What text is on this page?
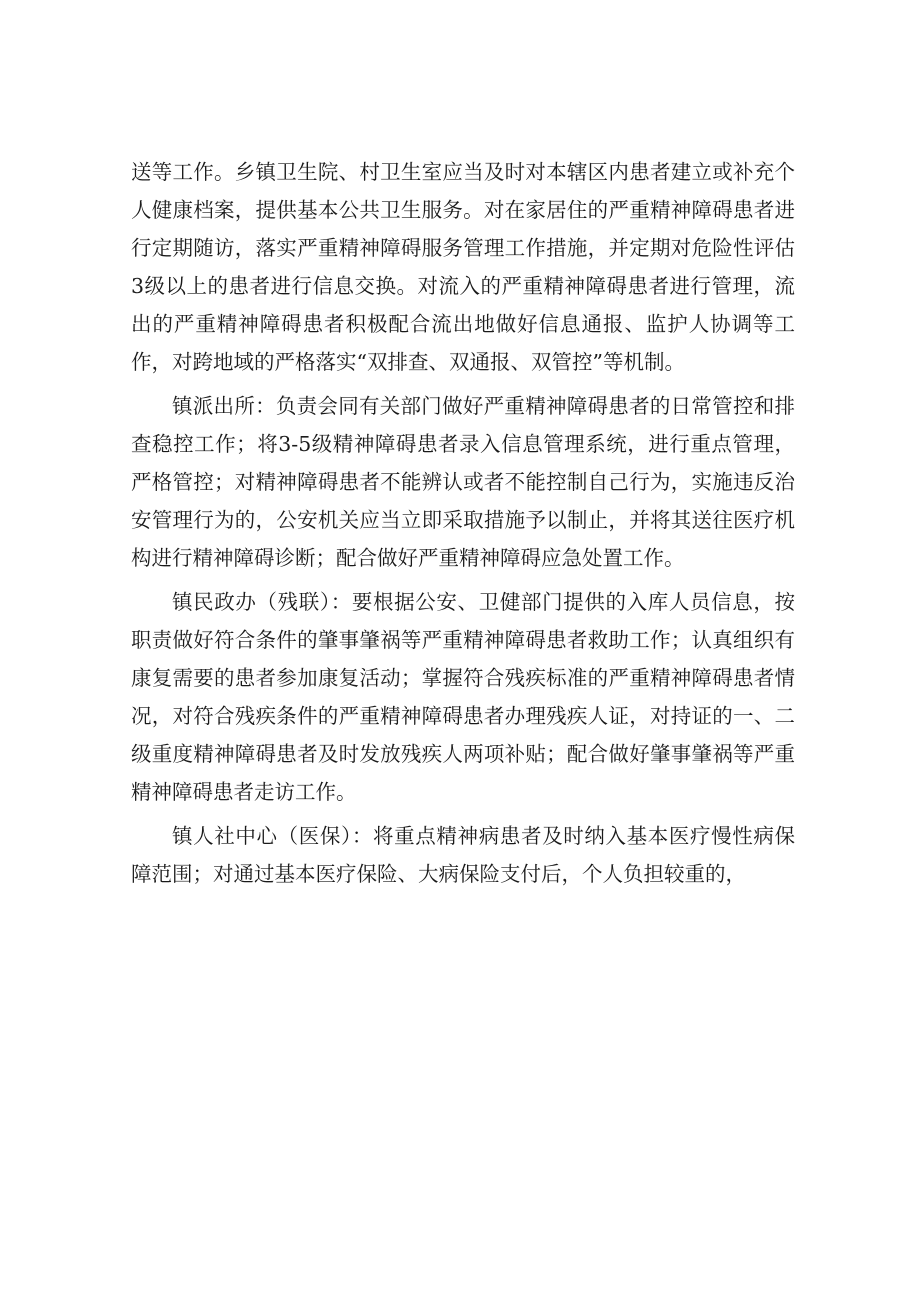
送等工作。乡镇卫生院、村卫生室应当及时对本辖区内患者建立或补充个人健康档案，提供基本公共卫生服务。对在家居住的严重精神障碍患者进行定期随访，落实严重精神障碍服务管理工作措施，并定期对危险性评估3级以上的患者进行信息交换。对流入的严重精神障碍患者进行管理，流出的严重精神障碍患者积极配合流出地做好信息通报、监护人协调等工作，对跨地域的严格落实“双排查、双通报、双管控”等机制。

镇派出所：负责会同有关部门做好严重精神障碍患者的日常管控和排查稳控工作；将3-5级精神障碍患者录入信息管理系统，进行重点管理，严格管控；对精神障碍患者不能辨认或者不能控制自己行为，实施违反治安管理行为的，公安机关应当立即采取措施予以制止，并将其送往医疗机构进行精神障碍诊断；配合做好严重精神障碍应急处置工作。

镇民政办（残联）：要根据公安、卫健部门提供的入库人员信息，按职责做好符合条件的肇事肇祸等严重精神障碍患者救助工作；认真组织有康复需要的患者参加康复活动；掌握符合残疾标准的严重精神障碍患者情况，对符合残疾条件的严重精神障碍患者办理残疾人证，对持证的一、二级重度精神障碍患者及时发放残疾人两项补贴；配合做好肇事肇祸等严重精神障碍患者走访工作。

镇人社中心（医保）：将重点精神病患者及时纳入基本医疗慢性病保障范围；对通过基本医疗保险、大病保险支付后，个人负担较重的，
